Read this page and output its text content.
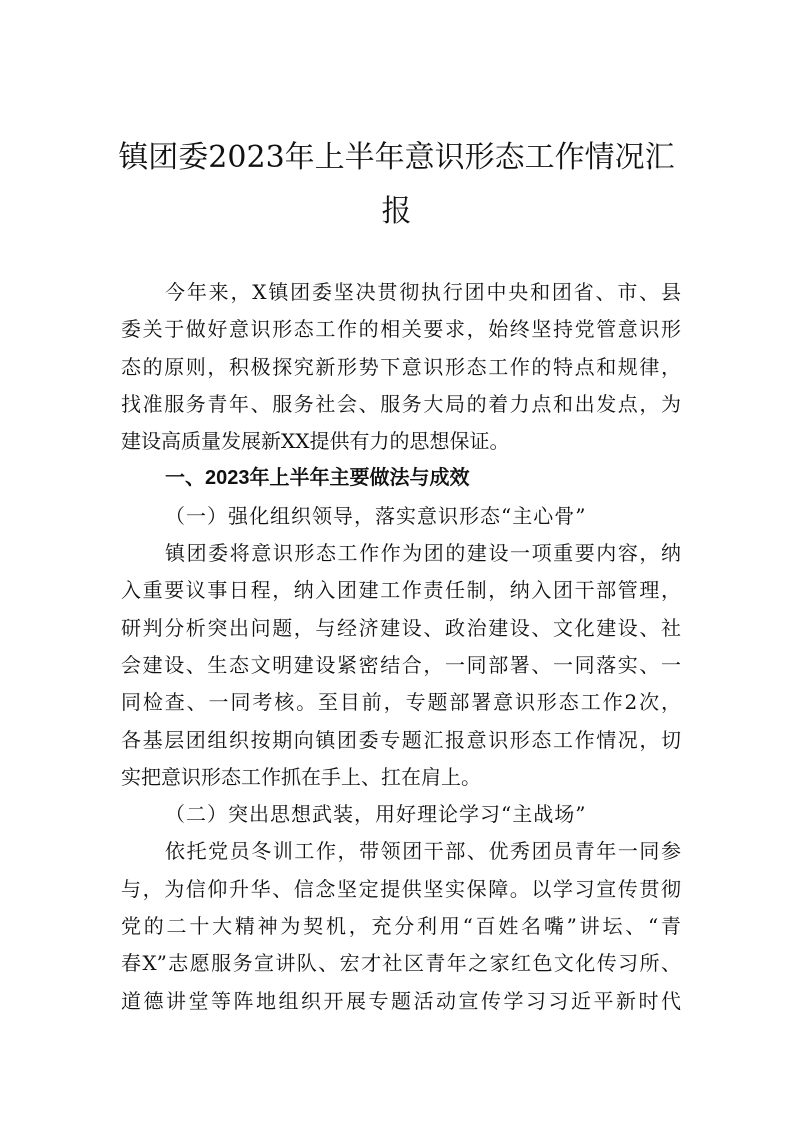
镇团委2023年上半年意识形态工作情况汇
报
今年来，X镇团委坚决贯彻执行团中央和团省、市、县
委关于做好意识形态工作的相关要求，始终坚持党管意识形
态的原则，积极探究新形势下意识形态工作的特点和规律，
找准服务青年、服务社会、服务大局的着力点和出发点，为
建设高质量发展新XX提供有力的思想保证。
一、2023年上半年主要做法与成效
（一）强化组织领导，落实意识形态“主心骨”
镇团委将意识形态工作作为团的建设一项重要内容，纳
入重要议事日程，纳入团建工作责任制，纳入团干部管理，
研判分析突出问题，与经济建设、政治建设、文化建设、社
会建设、生态文明建设紧密结合，一同部署、一同落实、一
同检查、一同考核。至目前，专题部署意识形态工作2次，
各基层团组织按期向镇团委专题汇报意识形态工作情况，切
实把意识形态工作抓在手上、扛在肩上。
（二）突出思想武装，用好理论学习“主战场”
依托党员冬训工作，带领团干部、优秀团员青年一同参
与，为信仰升华、信念坚定提供坚实保障。以学习宣传贯彻
党的二十大精神为契机，充分利用“百姓名嘴”讲坛、“青
春X”志愿服务宣讲队、宏才社区青年之家红色文化传习所、
道德讲堂等阵地组织开展专题活动宣传学习习近平新时代
